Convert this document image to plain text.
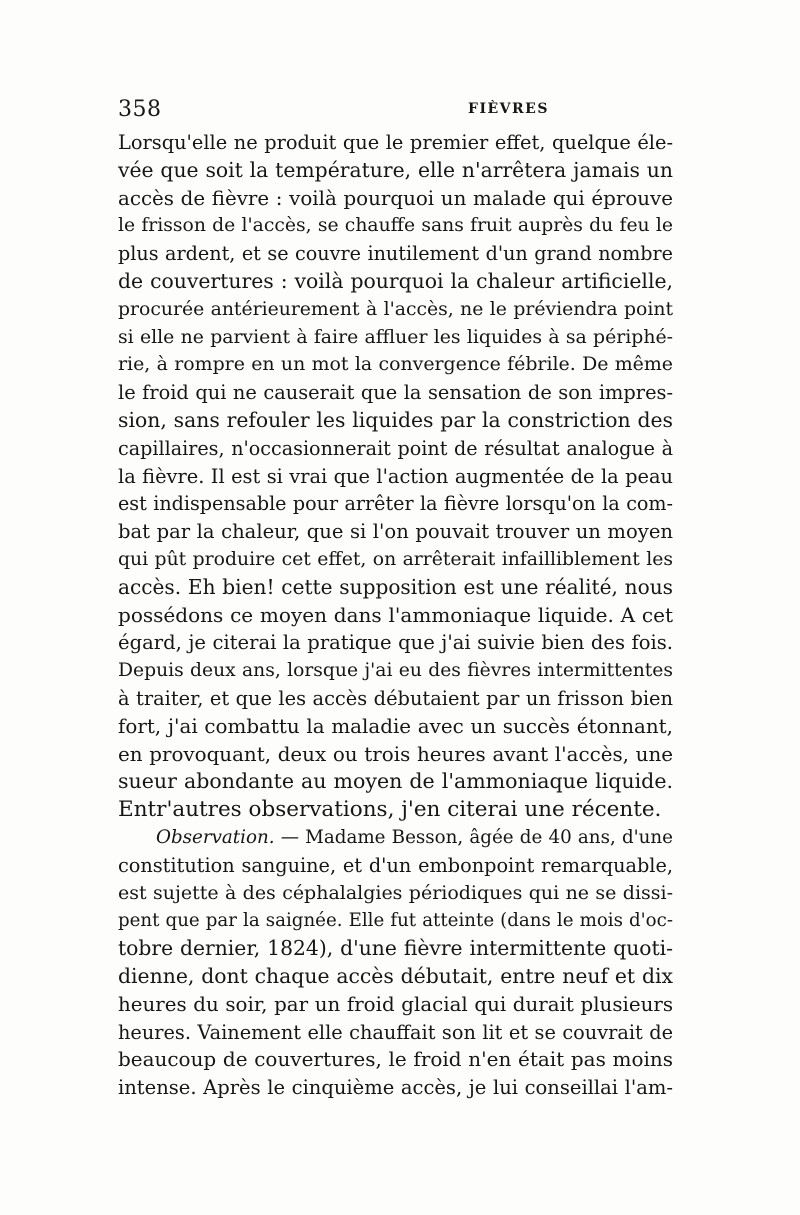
358	FIÈVRES
Lorsqu'elle ne produit que le premier effet, quelque éle-
vée que soit la température, elle n'arrêtera jamais un
accès de fièvre : voilà pourquoi un malade qui éprouve
le frisson de l'accès, se chauffe sans fruit auprès du feu le
plus ardent, et se couvre inutilement d'un grand nombre
de couvertures : voilà pourquoi la chaleur artificielle,
procurée antérieurement à l'accès, ne le préviendra point
si elle ne parvient à faire affluer les liquides à sa périphé-
rie, à rompre en un mot la convergence fébrile. De même
le froid qui ne causerait que la sensation de son impres-
sion, sans refouler les liquides par la constriction des
capillaires, n'occasionnerait point de résultat analogue à
la fièvre. Il est si vrai que l'action augmentée de la peau
est indispensable pour arrêter la fièvre lorsqu'on la com-
bat par la chaleur, que si l'on pouvait trouver un moyen
qui pût produire cet effet, on arrêterait infailliblement les
accès. Eh bien! cette supposition est une réalité, nous
possédons ce moyen dans l'ammoniaque liquide. A cet
égard, je citerai la pratique que j'ai suivie bien des fois.
Depuis deux ans, lorsque j'ai eu des fièvres intermittentes
à traiter, et que les accès débutaient par un frisson bien
fort, j'ai combattu la maladie avec un succès étonnant,
en provoquant, deux ou trois heures avant l'accès, une
sueur abondante au moyen de l'ammoniaque liquide.
Entr'autres observations, j'en citerai une récente.
Observation. — Madame Besson, âgée de 40 ans, d'une
constitution sanguine, et d'un embonpoint remarquable,
est sujette à des céphalalgies périodiques qui ne se dissi-
pent que par la saignée. Elle fut atteinte (dans le mois d'oc-
tobre dernier, 1824), d'une fièvre intermittente quoti-
dienne, dont chaque accès débutait, entre neuf et dix
heures du soir, par un froid glacial qui durait plusieurs
heures. Vainement elle chauffait son lit et se couvrait de
beaucoup de couvertures, le froid n'en était pas moins
intense. Après le cinquième accès, je lui conseillai l'am-
